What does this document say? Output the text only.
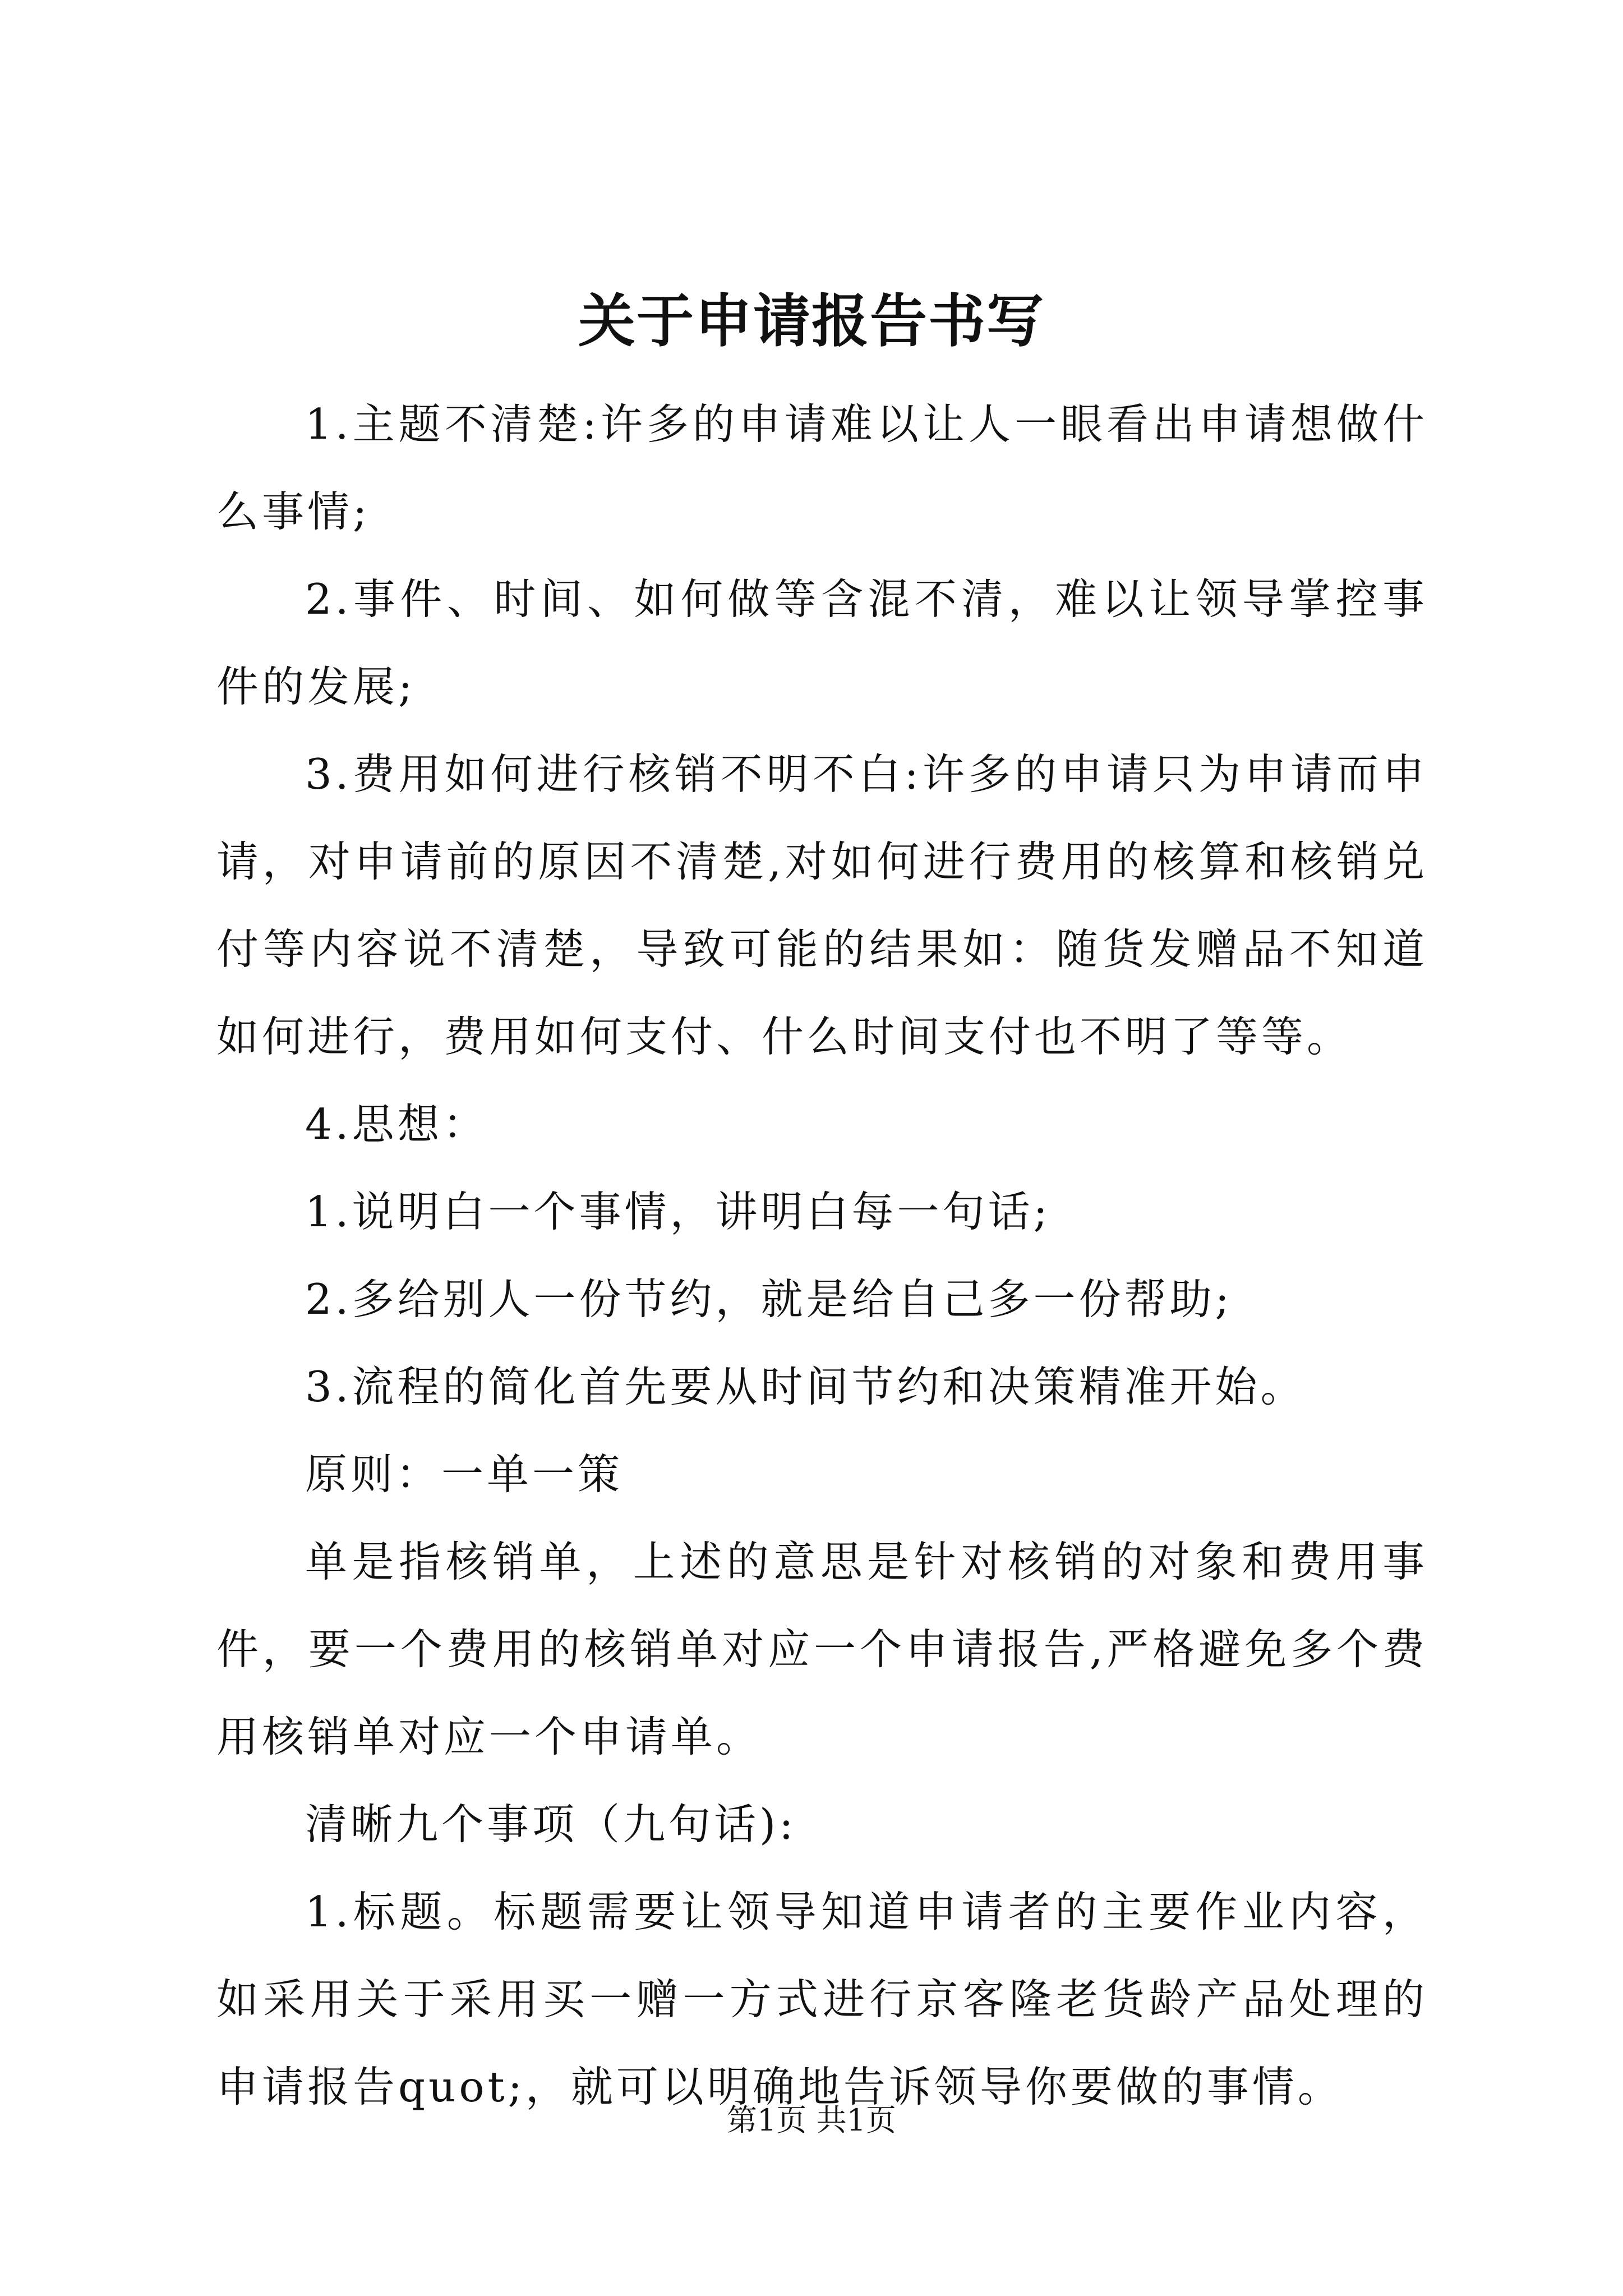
关于申请报告书写

1.主题不清楚:许多的申请难以让人一眼看出申请想做什么事情;

2.事件、时间、如何做等含混不清，难以让领导掌控事件的发展;

3.费用如何进行核销不明不白:许多的申请只为申请而申请，对申请前的原因不清楚,对如何进行费用的核算和核销兑付等内容说不清楚，导致可能的结果如：随货发赠品不知道如何进行，费用如何支付、什么时间支付也不明了等等。

4.思想：

1.说明白一个事情，讲明白每一句话;

2.多给别人一份节约，就是给自己多一份帮助;

3.流程的简化首先要从时间节约和决策精准开始。

原则：一单一策

单是指核销单，上述的意思是针对核销的对象和费用事件，要一个费用的核销单对应一个申请报告,严格避免多个费用核销单对应一个申请单。

清晰九个事项（九句话):

1.标题。标题需要让领导知道申请者的主要作业内容，如采用关于采用买一赠一方式进行京客隆老货龄产品处理的申请报告quot;，就可以明确地告诉领导你要做的事情。

第1页 共1页
